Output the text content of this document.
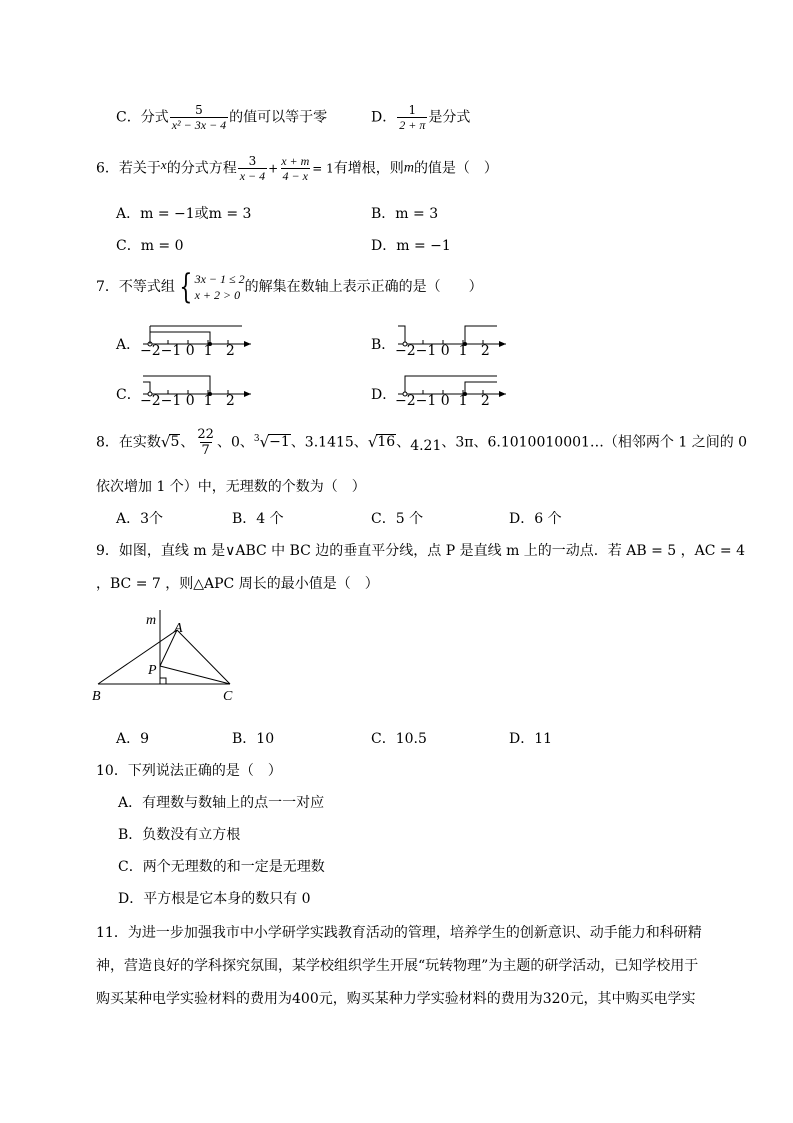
C．分式 $\frac{5}{\text{x² − 3x − 4}}$ 的值可以等于零	D． $\frac{1}{2 + \pi}$ 是分式
6．若关于x的分式方程 $\frac{3}{x - 4} + \frac{x + m}{4 - x} = 1$有增根，则m的值是（　）
A．m = −1或m = 3	B．m = 3
C．m = 0	D．m = −1
7．不等式组 { 3x − 1 ≤ 2
x + 2 > 0 的解集在数轴上表示正确的是（　　）
A． −2−1 0 1 2	B． −2−1 0 1 2
C． −2−1 0 1 2	D．
−2−1 0 1 2
8．在实数√5、 $\frac{22}{7}$ 、0、$^3$√−1、3.1415、√16、4.21、3π、6.1010010001…（相邻两个 1 之间的 0
依次增加 1 个）中，无理数的个数为（　）
A．3个	B．4 个	C．5 个	D．6 个
9．如图，直线 m 是∨ABC 中 BC 边的垂直平分线，点 P 是直线 m 上的一动点．若 AB = 5 ，AC = 4
，BC = 7 ，则△APC 周长的最小值是（　）
m
A
P
B	C
A．9	B．10	C．10.5	D．11
10．下列说法正确的是（　）
A．有理数与数轴上的点一一对应
B．负数没有立方根
C．两个无理数的和一定是无理数
D．平方根是它本身的数只有 0
11．为进一步加强我市中小学研学实践教育活动的管理，培养学生的创新意识、动手能力和科研精
神，营造良好的学科探究氛围，某学校组织学生开展“玩转物理”为主题的研学活动，已知学校用于
购买某种电学实验材料的费用为400元，购买某种力学实验材料的费用为320元，其中购买电学实
